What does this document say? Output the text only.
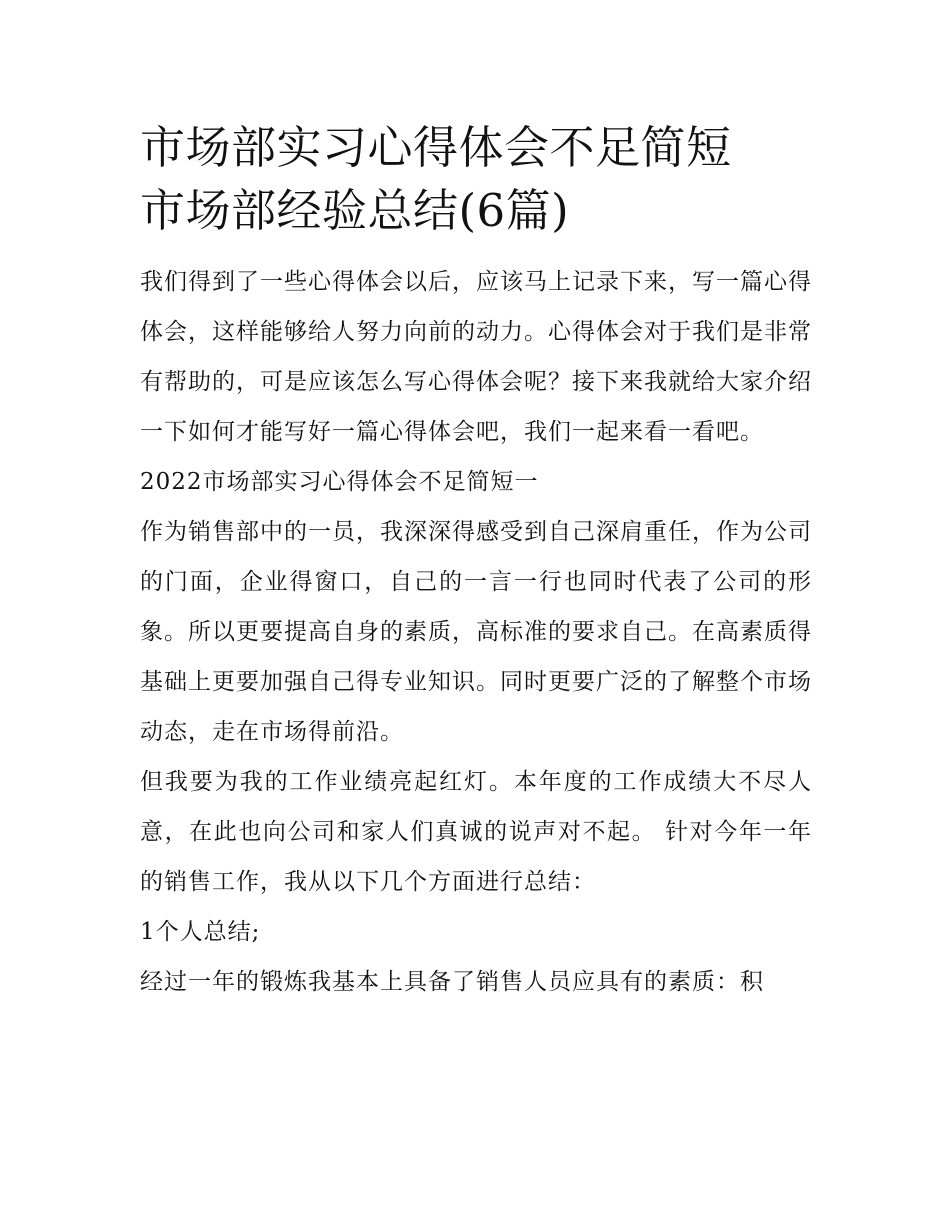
市场部实习心得体会不足简短
市场部经验总结(6篇)

我们得到了一些心得体会以后，应该马上记录下来，写一篇心得体会，这样能够给人努力向前的动力。心得体会对于我们是非常有帮助的，可是应该怎么写心得体会呢？接下来我就给大家介绍一下如何才能写好一篇心得体会吧，我们一起来看一看吧。

2022市场部实习心得体会不足简短一

作为销售部中的一员，我深深得感受到自己深肩重任，作为公司的门面，企业得窗口，自己的一言一行也同时代表了公司的形象。所以更要提高自身的素质，高标准的要求自己。在高素质得基础上更要加强自己得专业知识。同时更要广泛的了解整个市场动态，走在市场得前沿。

但我要为我的工作业绩亮起红灯。本年度的工作成绩大不尽人意，在此也向公司和家人们真诚的说声对不起。 针对今年一年的销售工作，我从以下几个方面进行总结：

1个人总结;

经过一年的锻炼我基本上具备了销售人员应具有的素质：积
